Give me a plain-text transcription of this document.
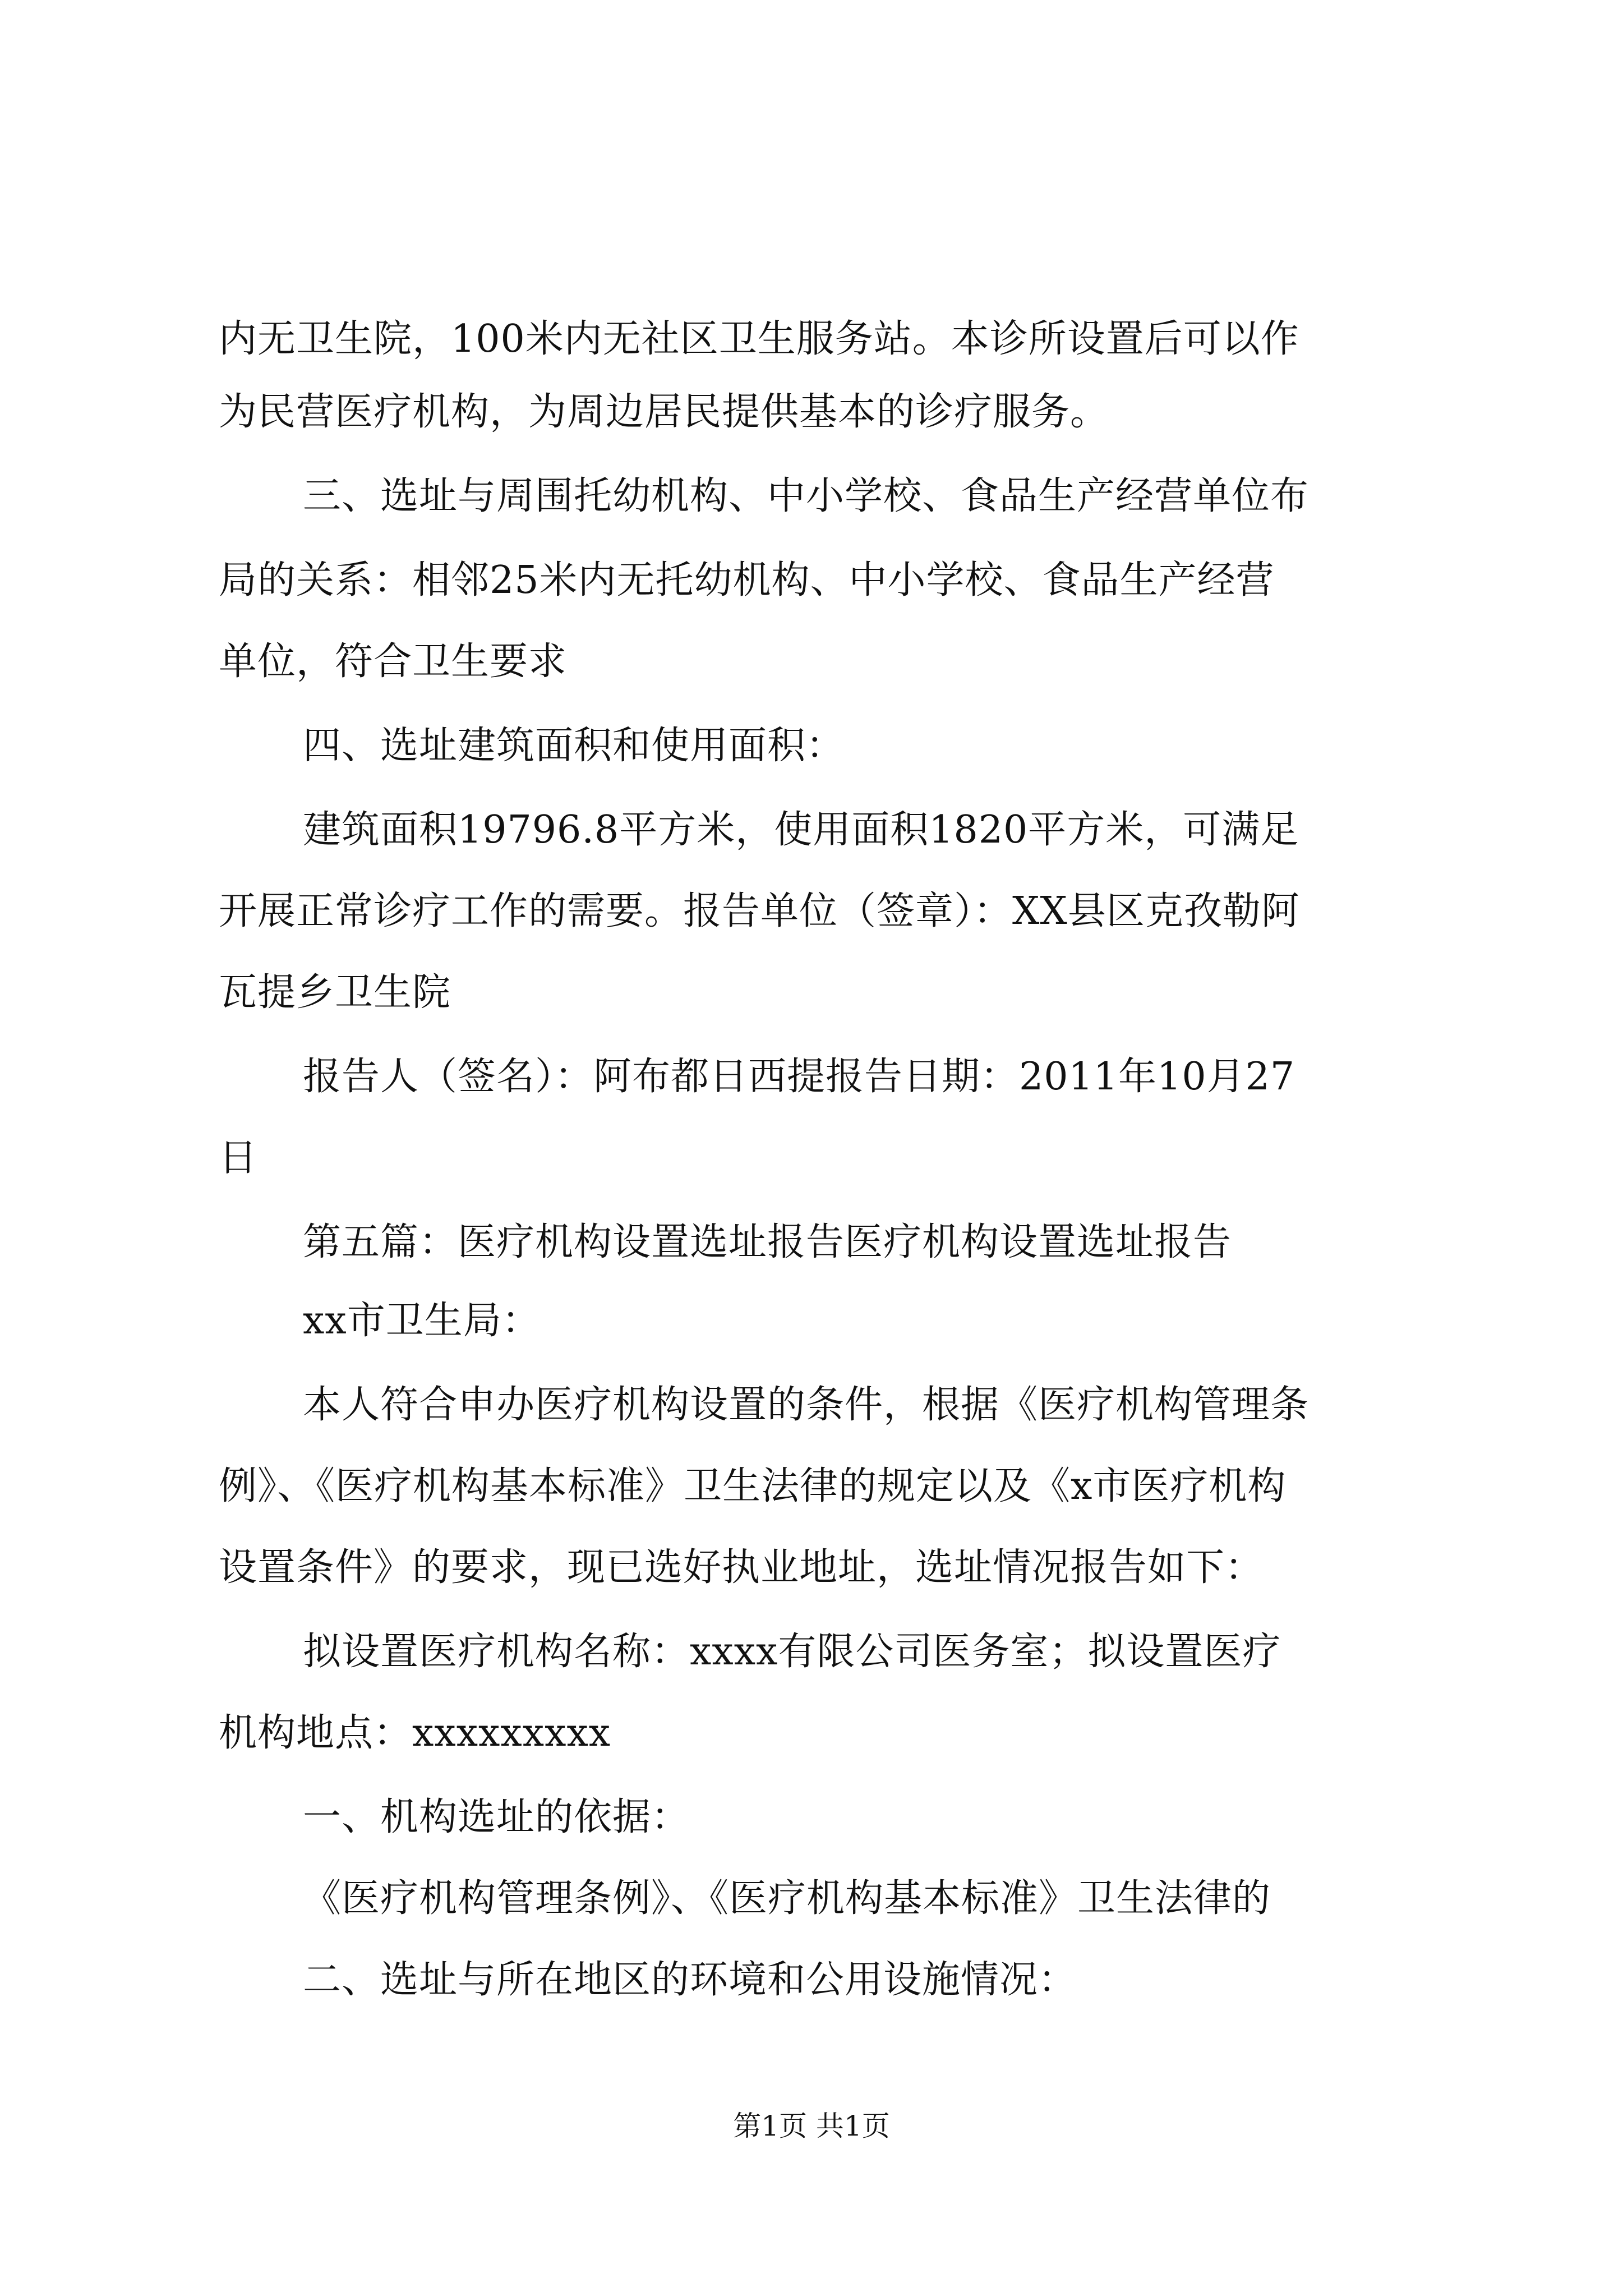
内无卫生院，100米内无社区卫生服务站。本诊所设置后可以作
为民营医疗机构，为周边居民提供基本的诊疗服务。
三、选址与周围托幼机构、中小学校、食品生产经营单位布
局的关系：相邻25米内无托幼机构、中小学校、食品生产经营
单位，符合卫生要求
四、选址建筑面积和使用面积：
建筑面积19796.8平方米，使用面积1820平方米，可满足
开展正常诊疗工作的需要。报告单位（签章）：XX县区克孜勒阿
瓦提乡卫生院
报告人（签名）：阿布都日西提报告日期：2011年10月27
日
第五篇：医疗机构设置选址报告医疗机构设置选址报告
xx市卫生局：
本人符合申办医疗机构设置的条件，根据《医疗机构管理条
例》、《医疗机构基本标准》卫生法律的规定以及《x市医疗机构
设置条件》的要求，现已选好执业地址，选址情况报告如下：
拟设置医疗机构名称：xxxx有限公司医务室；拟设置医疗
机构地点：xxxxxxxxx
一、机构选址的依据：
《医疗机构管理条例》、《医疗机构基本标准》卫生法律的
二、选址与所在地区的环境和公用设施情况：
第1页 共1页
